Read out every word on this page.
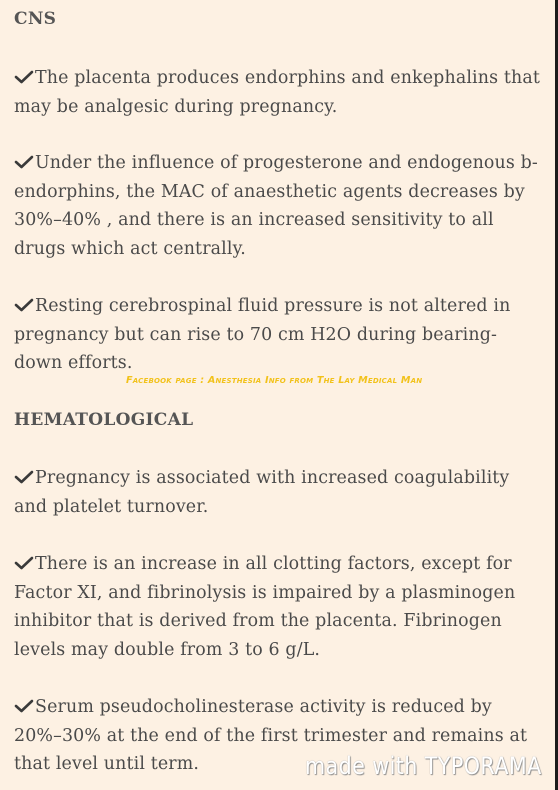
CNS
The placenta produces endorphins and enkephalins that may be analgesic during pregnancy.
Under the influence of progesterone and endogenous b-endorphins, the MAC of anaesthetic agents decreases by 30%–40% , and there is an increased sensitivity to all drugs which act centrally.
Resting cerebrospinal fluid pressure is not altered in pregnancy but can rise to 70 cm H2O during bearing-down efforts.
Facebook page : Anesthesia Info from The Lay Medical Man
HEMATOLOGICAL
Pregnancy is associated with increased coagulability and platelet turnover.
There is an increase in all clotting factors, except for Factor XI, and fibrinolysis is impaired by a plasminogen inhibitor that is derived from the placenta. Fibrinogen levels may double from 3 to 6 g/L.
Serum pseudocholinesterase activity is reduced by 20%–30% at the end of the first trimester and remains at that level until term.	made with TYPORAMA
